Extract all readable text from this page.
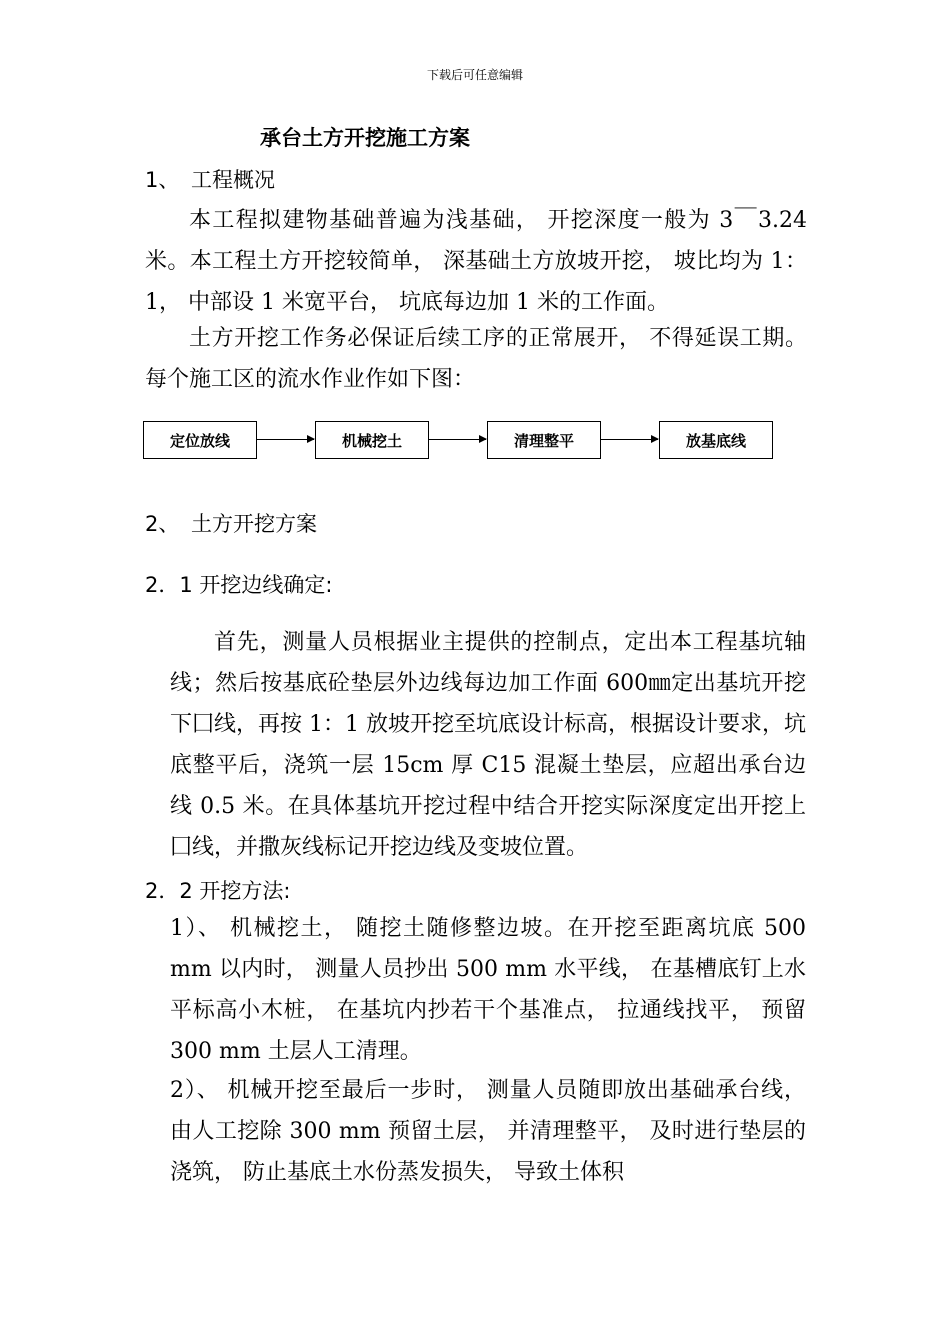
下载后可任意编辑
承台土方开挖施工方案
1、 工程概况
本工程拟建物基础普遍为浅基础， 开挖深度一般为 3￣3.24 米。本工程土方开挖较简单， 深基础土方放坡开挖， 坡比均为 1： 1， 中部设 1 米宽平台， 坑底每边加 1 米的工作面。
土方开挖工作务必保证后续工序的正常展开， 不得延误工期。每个施工区的流水作业作如下图：
定位放线	机械挖土	清理整平	放基底线
2、 土方开挖方案
2．1 开挖边线确定:
首先，测量人员根据业主提供的控制点，定出本工程基坑轴线；然后按基底砼垫层外边线每边加工作面 600㎜定出基坑开挖下囗线，再按 1：1 放坡开挖至坑底设计标高，根据设计要求，坑底整平后，浇筑一层 15cm 厚 C15 混凝土垫层，应超出承台边线 0.5 米。在具体基坑开挖过程中结合开挖实际深度定出开挖上囗线，并撒灰线标记开挖边线及变坡位置。
2．2 开挖方法:
1）、 机械挖土， 随挖土随修整边坡。在开挖至距离坑底 500 mm 以内时， 测量人员抄出 500 mm 水平线， 在基槽底钉上水平标高小木桩， 在基坑内抄若干个基准点， 拉通线找平， 预留 300 mm 土层人工清理。
2）、 机械开挖至最后一步时， 测量人员随即放出基础承台线， 由人工挖除 300 mm 预留土层， 并清理整平， 及时进行垫层的浇筑， 防止基底土水份蒸发损失， 导致土体积
